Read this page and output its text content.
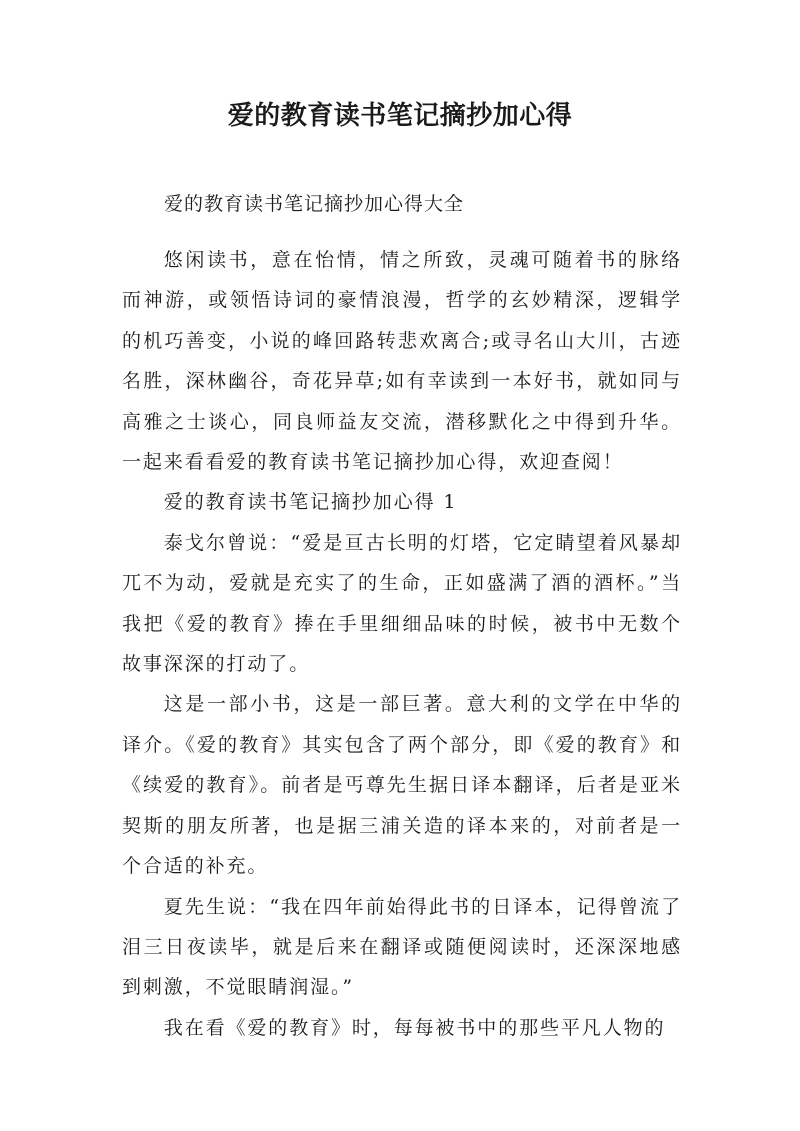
爱的教育读书笔记摘抄加心得
爱的教育读书笔记摘抄加心得大全

悠闲读书，意在怡情，情之所致，灵魂可随着书的脉络而神游，或领悟诗词的豪情浪漫，哲学的玄妙精深，逻辑学的机巧善变，小说的峰回路转悲欢离合;或寻名山大川，古迹名胜，深林幽谷，奇花异草;如有幸读到一本好书，就如同与高雅之士谈心，同良师益友交流，潜移默化之中得到升华。一起来看看爱的教育读书笔记摘抄加心得，欢迎查阅！

爱的教育读书笔记摘抄加心得 1

泰戈尔曾说：“爱是亘古长明的灯塔，它定睛望着风暴却兀不为动，爱就是充实了的生命，正如盛满了酒的酒杯。”当我把《爱的教育》捧在手里细细品味的时候，被书中无数个故事深深的打动了。

这是一部小书，这是一部巨著。意大利的文学在中华的译介。《爱的教育》其实包含了两个部分，即《爱的教育》和《续爱的教育》。前者是丐尊先生据日译本翻译，后者是亚米契斯的朋友所著，也是据三浦关造的译本来的，对前者是一个合适的补充。

夏先生说：“我在四年前始得此书的日译本，记得曾流了泪三日夜读毕，就是后来在翻译或随便阅读时，还深深地感到刺激，不觉眼睛润湿。”

我在看《爱的教育》时，每每被书中的那些平凡人物的
